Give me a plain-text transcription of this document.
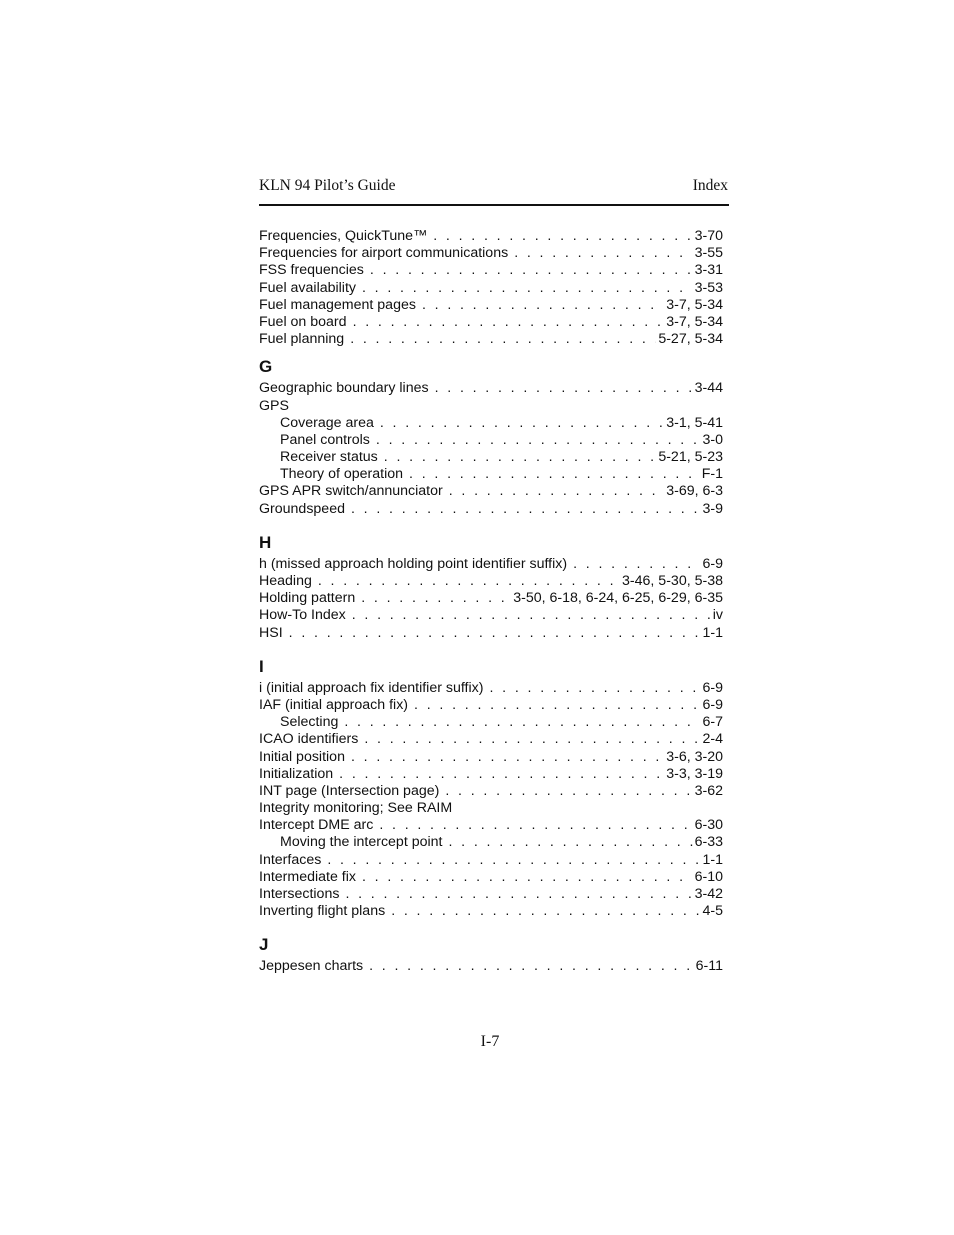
KLN 94 Pilot’s Guide	Index
Frequencies, QuickTune™ . . .	3-70
Frequencies for airport communications . . .	3-55
FSS frequencies . . .	3-31
Fuel availability . . .	3-53
Fuel management pages . . .	3-7, 5-34
Fuel on board . . .	3-7, 5-34
Fuel planning . . .	5-27, 5-34
G
Geographic boundary lines . . .	3-44
GPS
Coverage area . . .	3-1, 5-41
Panel controls . . .	3-0
Receiver status . . .	5-21, 5-23
Theory of operation . . .	F-1
GPS APR switch/annunciator . . .	3-69, 6-3
Groundspeed . . .	3-9
H
h (missed approach holding point identifier suffix) . . .	6-9
Heading . . .	3-46, 5-30, 5-38
Holding pattern . . .	3-50, 6-18, 6-24, 6-25, 6-29, 6-35
How-To Index . . .	iv
HSI . . .	1-1
I
i (initial approach fix identifier suffix) . . .	6-9
IAF (initial approach fix) . . .	6-9
Selecting . . .	6-7
ICAO identifiers . . .	2-4
Initial position . . .	3-6, 3-20
Initialization . . .	3-3, 3-19
INT page (Intersection page) . . .	3-62
Integrity monitoring; See RAIM
Intercept DME arc . . .	6-30
Moving the intercept point . . .	6-33
Interfaces . . .	1-1
Intermediate fix . . .	6-10
Intersections . . .	3-42
Inverting flight plans . . .	4-5
J
Jeppesen charts . . .	6-11
I-7
